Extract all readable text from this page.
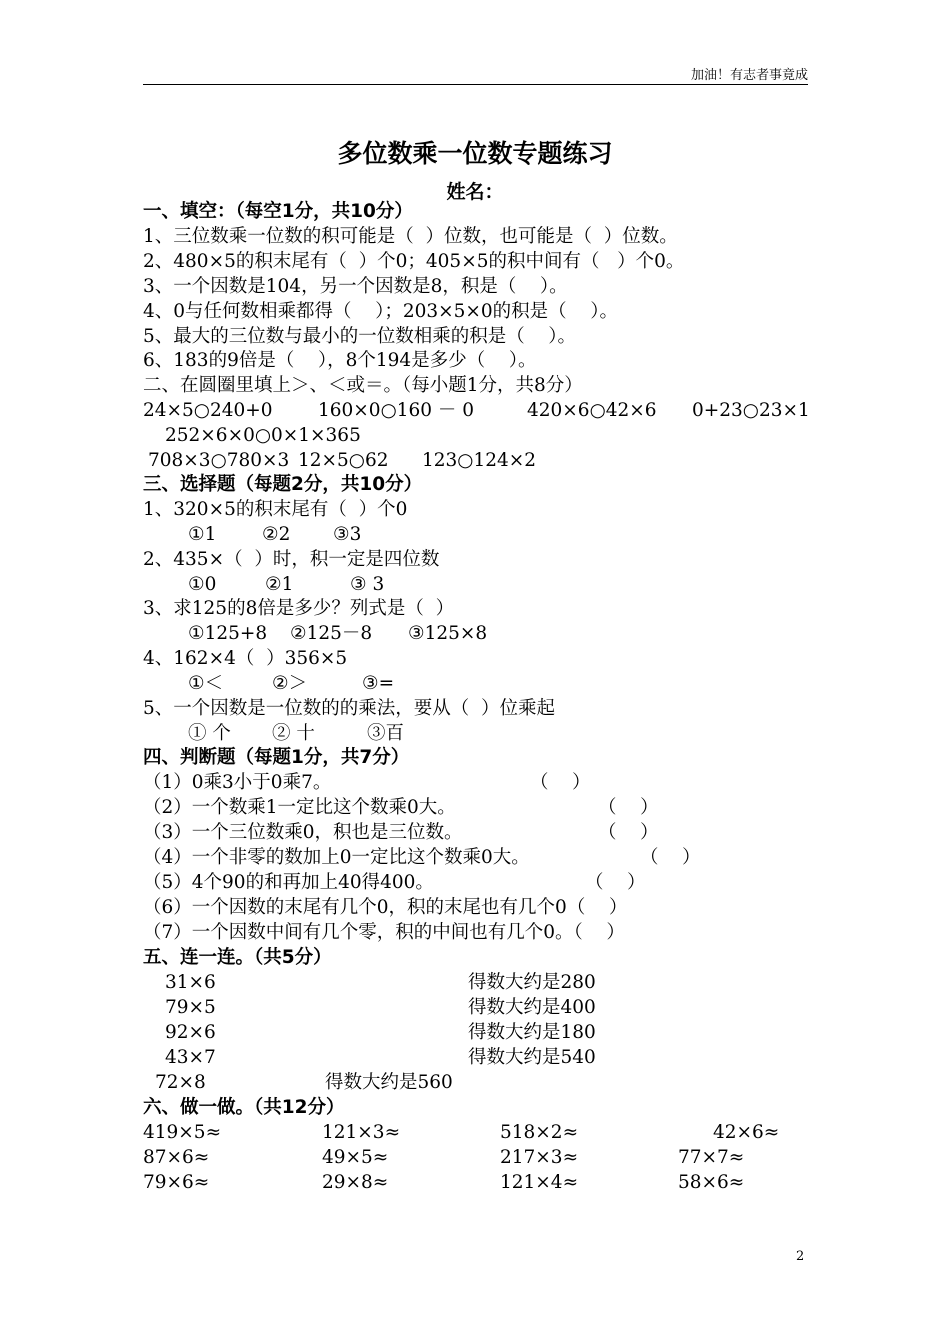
加油！有志者事竟成
多位数乘一位数专题练习
姓名：
一、填空：（每空1分，共10分）
1、三位数乘一位数的积可能是（  ）位数，也可能是（  ）位数。
2、480×5的积末尾有（  ）个0；405×5的积中间有（   ）个0。
3、一个因数是104，另一个因数是8，积是（    ）。
4、0与任何数相乘都得（    ）；203×5×0的积是（    ）。
5、最大的三位数与最小的一位数相乘的积是（    ）。
6、183的9倍是（    ），8个194是多少（    ）。
二、在圆圈里填上＞、＜或＝。（每小题1分，共8分）
24×5○240+0 160×0○160 － 0	420×6○42×6 0+23○23×1
252×6×0○0×1×365
708×3○780×3 12×5○62 123○124×2
三、选择题（每题2分，共10分）
1、320×5的积末尾有（  ）个0
①1 ②2 ③3
2、435×（  ）时，积一定是四位数
①0	②1	③ 3
3、求125的8倍是多少？列式是（  ）
①125+8 ②125－8 ③125×8
4、162×4（  ）356×5
①＜	②＞	③=
5、一个因数是一位数的的乘法，要从（  ）位乘起
① 个 ② 十	③百
四、判断题（每题1分，共7分）
（1）0乘3小于0乘7。	（    ）
（2）一个数乘1一定比这个数乘0大。	（    ）
（3）一个三位数乘0，积也是三位数。	（    ）
（4）一个非零的数加上0一定比这个数乘0大。	（    ）
（5）4个90的和再加上40得400。	（    ）
（6）一个因数的末尾有几个0，积的末尾也有几个0（    ）
（7）一个因数中间有几个零，积的中间也有几个0。（    ）
五、连一连。（共5分）
31×6	得数大约是280
79×5	得数大约是400
92×6	得数大约是180
43×7	得数大约是540
72×8	得数大约是560
六、做一做。（共12分）
419×5≈	121×3≈	518×2≈	42×6≈
87×6≈	49×5≈	217×3≈	77×7≈
79×6≈	29×8≈	121×4≈	58×6≈
2
